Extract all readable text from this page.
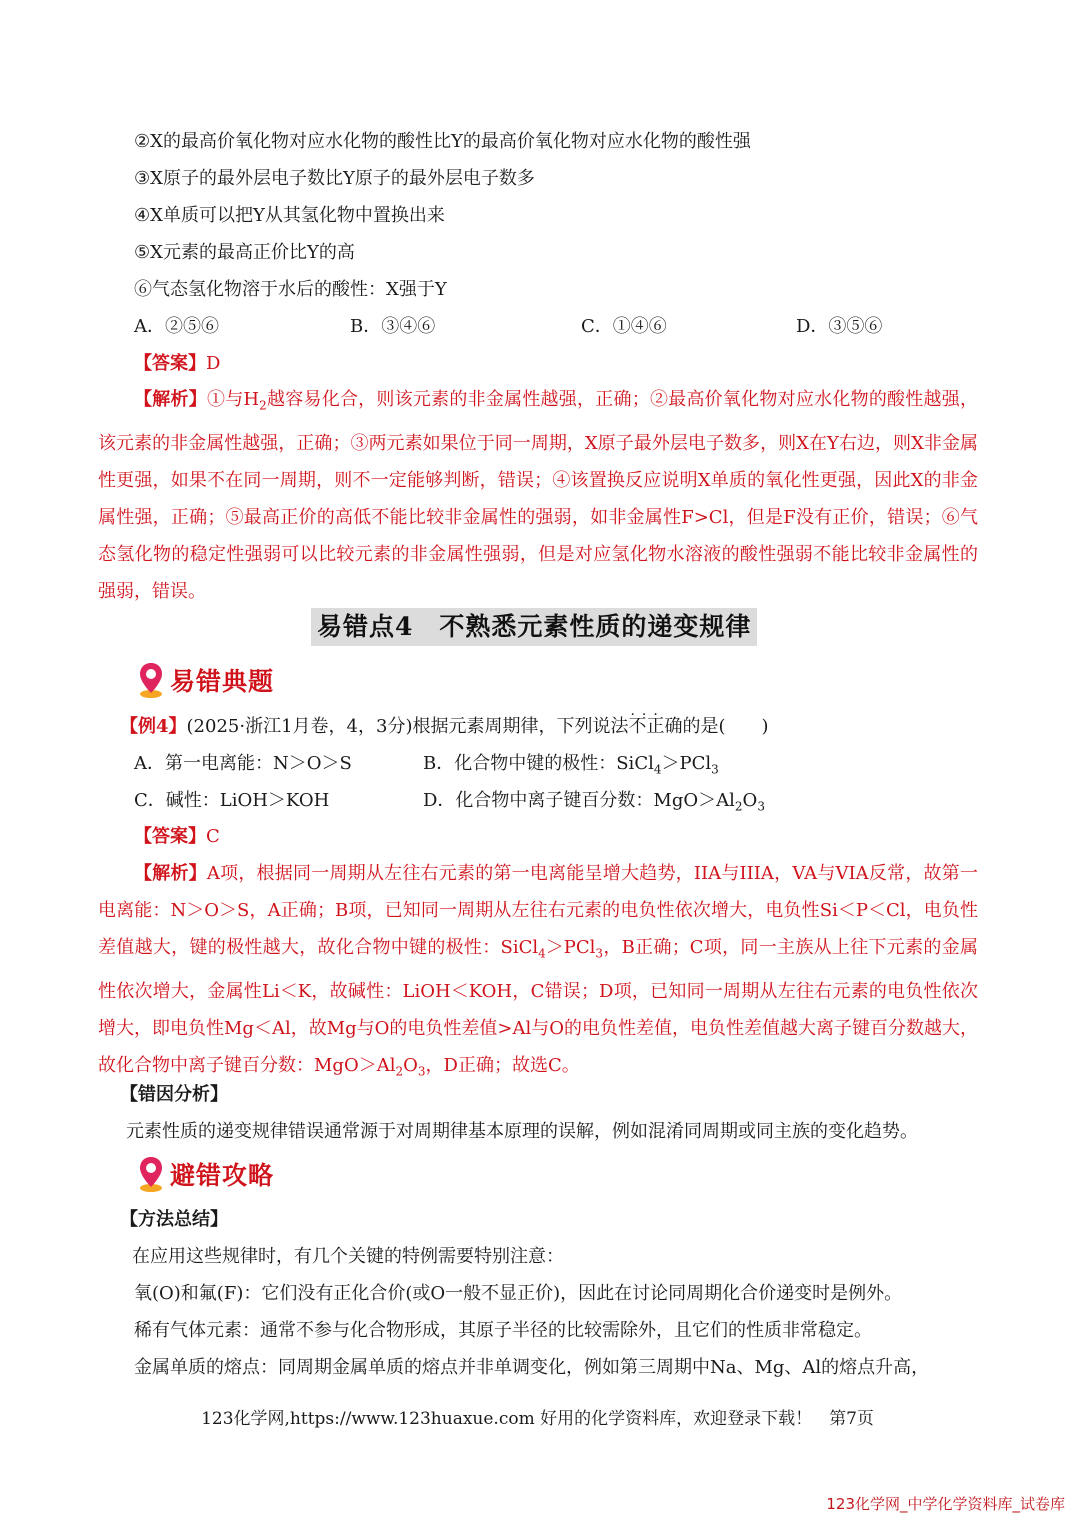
②X的最高价氧化物对应水化物的酸性比Y的最高价氧化物对应水化物的酸性强
③X原子的最外层电子数比Y原子的最外层电子数多
④X单质可以把Y从其氢化物中置换出来
⑤X元素的最高正价比Y的高
⑥气态氢化物溶于水后的酸性：X强于Y
A．②⑤⑥	B．③④⑥	C．①④⑥	D．③⑤⑥
【答案】D
【解析】①与$H_2$越容易化合，则该元素的非金属性越强，正确；②最高价氧化物对应水化物的酸性越强，该元素的非金属性越强，正确；③两元素如果位于同一周期，X原子最外层电子数多，则X在Y右边，则X非金属性更强，如果不在同一周期，则不一定能够判断，错误；④该置换反应说明X单质的氧化性更强，因此X的非金属性强，正确；⑤最高正价的高低不能比较非金属性的强弱，如非金属性F>Cl，但是F没有正价，错误；⑥气态氢化物的稳定性强弱可以比较元素的非金属性强弱，但是对应氢化物水溶液的酸性强弱不能比较非金属性的强弱，错误。
易错点4　不熟悉元素性质的递变规律
易错典题
【例4】(2025·浙江1月卷，4，3分)根据元素周期律，下列说法不正确 · · ·的是(　　)
A．第一电离能：N＞O＞S	B．化合物中键的极性：SiCl$_4$＞PCl$_3$
C．碱性：LiOH＞KOH	D．化合物中离子键百分数：$MgO>Al_2O_3$
【答案】C
【解析】A项，根据同一周期从左往右元素的第一电离能呈增大趋势，IIA与IIIA，VA与VIA反常，故第一电离能：N＞O＞S，A正确；B项，已知同一周期从左往右元素的电负性依次增大，电负性Si＜P＜Cl，电负性差值越大，键的极性越大，故化合物中键的极性：SiCl$_4$＞PCl$_3$，B正确；C项，同一主族从上往下元素的金属性依次增大，金属性Li＜K，故碱性：LiOH＜KOH，C错误；D项，已知同一周期从左往右元素的电负性依次增大，即电负性Mg＜Al，故Mg与O的电负性差值>Al与O的电负性差值，电负性差值越大离子键百分数越大，故化合物中离子键百分数：$MgO>Al_2O_3$，D正确；故选C。
【错因分析】
元素性质的递变规律错误通常源于对周期律基本原理的误解，例如混淆同周期或同主族的变化趋势。
避错攻略
【方法总结】
在应用这些规律时，有几个关键的特例需要特别注意：
氧(O)和氟(F)：它们没有正化合价(或O一般不显正价)，因此在讨论同周期化合价递变时是例外。
稀有气体元素：通常不参与化合物形成，其原子半径的比较需除外，且它们的性质非常稳定。
金属单质的熔点：同周期金属单质的熔点并非单调变化，例如第三周期中Na、Mg、Al的熔点升高，
123化学网,https://www.123huaxue.com 好用的化学资料库，欢迎登录下载！　第7页
123化学网_中学化学资料库_试卷库
